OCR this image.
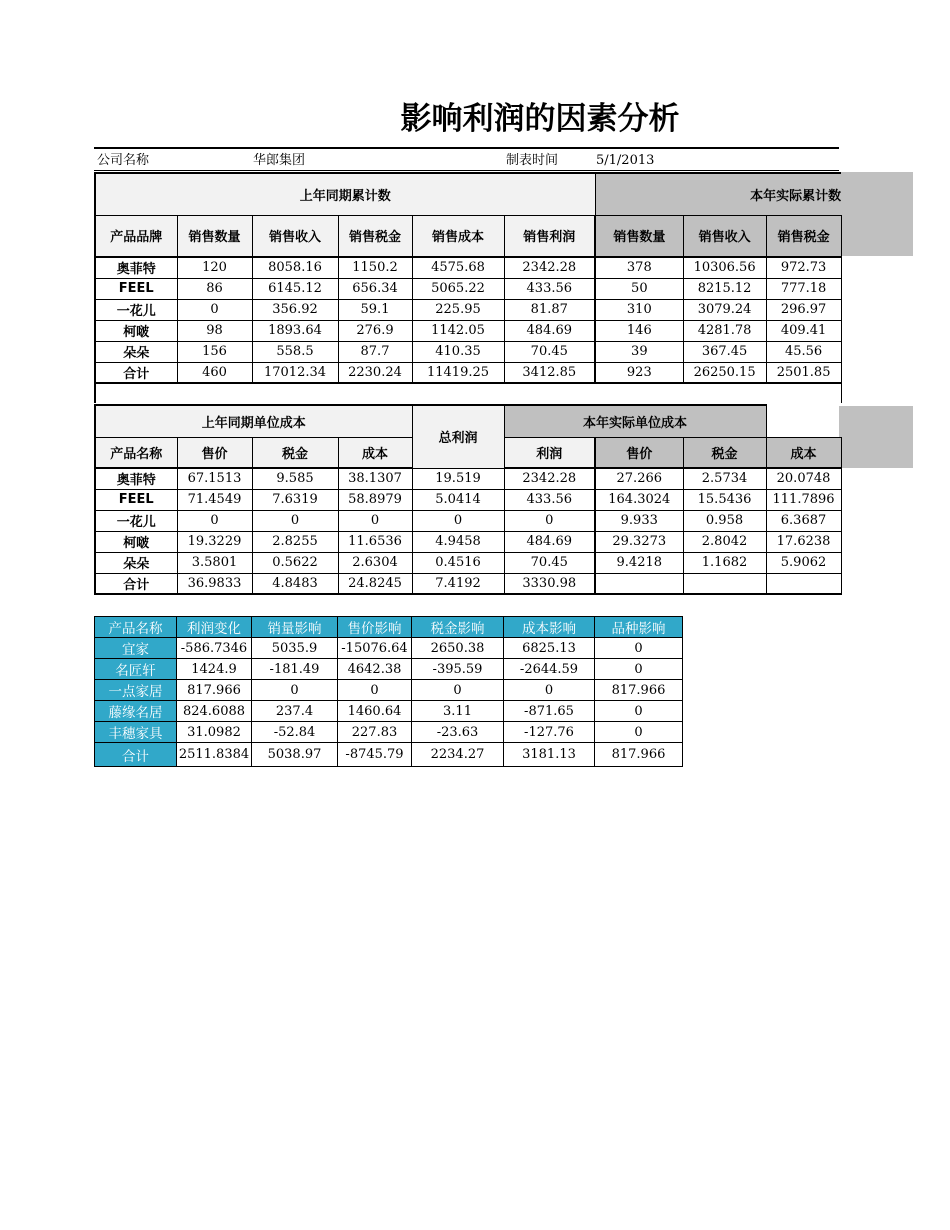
影响利润的因素分析
公司名称	华郎集团	制表时间	5/1/2013
上年同期累计数						本年实际累计数		
产品品牌	销售数量	销售收入	销售税金	销售成本	销售利润	销售数量	销售收入	销售税金
奥菲特	120	8058.16	1150.2	4575.68	2342.28	378	10306.56	972.73
FEEL	86	6145.12	656.34	5065.22	433.56	50	8215.12	777.18
一花儿	0	356.92	59.1	225.95	81.87	310	3079.24	296.97
柯啵	98	1893.64	276.9	1142.05	484.69	146	4281.78	409.41
朵朵	156	558.5	87.7	410.35	70.45	39	367.45	45.56
合计	460	17012.34	2230.24	11419.25	3412.85	923	26250.15	2501.85

上年同期单位成本				总利润	本年实际单位成本			
产品名称	售价	税金	成本		利润	售价	税金	成本
奥菲特	67.1513	9.585	38.1307	19.519	2342.28	27.266	2.5734	20.0748
FEEL	71.4549	7.6319	58.8979	5.0414	433.56	164.3024	15.5436	111.7896
一花儿	0	0	0	0	0	9.933	0.958	6.3687
柯啵	19.3229	2.8255	11.6536	4.9458	484.69	29.3273	2.8042	17.6238
朵朵	3.5801	0.5622	2.6304	0.4516	70.45	9.4218	1.1682	5.9062
合计	36.9833	4.8483	24.8245	7.4192	3330.98			
产品名称	利润变化	销量影响	售价影响	税金影响	成本影响	品种影响
宜家	-586.7346	5035.9	-15076.64	2650.38	6825.13	0
名匠轩	1424.9	-181.49	4642.38	-395.59	-2644.59	0
一点家居	817.966	0	0	0	0	817.966
藤缘名居	824.6088	237.4	1460.64	3.11	-871.65	0
丰穗家具	31.0982	-52.84	227.83	-23.63	-127.76	0
合计	2511.8384	5038.97	-8745.79	2234.27	3181.13	817.966
